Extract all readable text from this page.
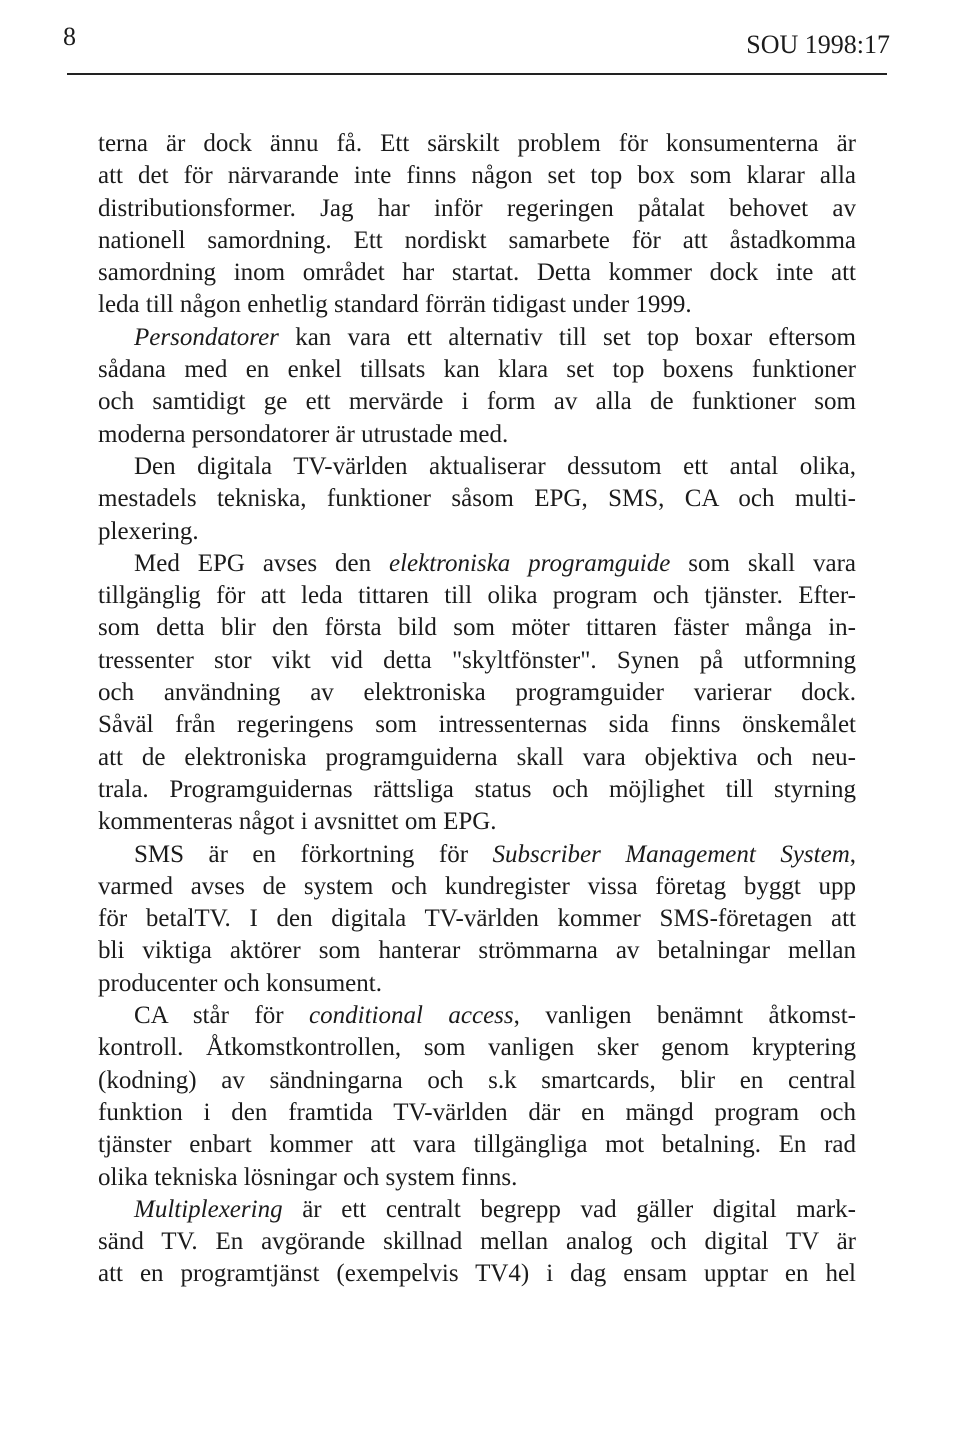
8	SOU 1998:17
terna är dock ännu få. Ett särskilt problem för konsumenterna är
att det för närvarande inte finns någon set top box som klarar alla
distributionsformer. Jag har inför regeringen påtalat behovet av
nationell samordning. Ett nordiskt samarbete för att åstadkomma
samordning inom området har startat. Detta kommer dock inte att
leda till någon enhetlig standard förrän tidigast under 1999.
Persondatorer kan vara ett alternativ till set top boxar eftersom
sådana med en enkel tillsats kan klara set top boxens funktioner
och samtidigt ge ett mervärde i form av alla de funktioner som
moderna persondatorer är utrustade med.
Den digitala TV-världen aktualiserar dessutom ett antal olika,
mestadels tekniska, funktioner såsom EPG, SMS, CA och multi-
plexering.
Med EPG avses den elektroniska programguide som skall vara
tillgänglig för att leda tittaren till olika program och tjänster. Efter-
som detta blir den första bild som möter tittaren fäster många in-
tressenter stor vikt vid detta "skyltfönster". Synen på utformning
och användning av elektroniska programguider varierar dock.
Såväl från regeringens som intressenternas sida finns önskemålet
att de elektroniska programguiderna skall vara objektiva och neu-
trala. Programguidernas rättsliga status och möjlighet till styrning
kommenteras något i avsnittet om EPG.
SMS är en förkortning för Subscriber Management System,
varmed avses de system och kundregister vissa företag byggt upp
för betalTV. I den digitala TV-världen kommer SMS-företagen att
bli viktiga aktörer som hanterar strömmarna av betalningar mellan
producenter och konsument.
CA står för conditional access, vanligen benämnt åtkomst-
kontroll. Åtkomstkontrollen, som vanligen sker genom kryptering
(kodning) av sändningarna och s.k smartcards, blir en central
funktion i den framtida TV-världen där en mängd program och
tjänster enbart kommer att vara tillgängliga mot betalning. En rad
olika tekniska lösningar och system finns.
Multiplexering är ett centralt begrepp vad gäller digital mark-
sänd TV. En avgörande skillnad mellan analog och digital TV är
att en programtjänst (exempelvis TV4) i dag ensam upptar en hel
